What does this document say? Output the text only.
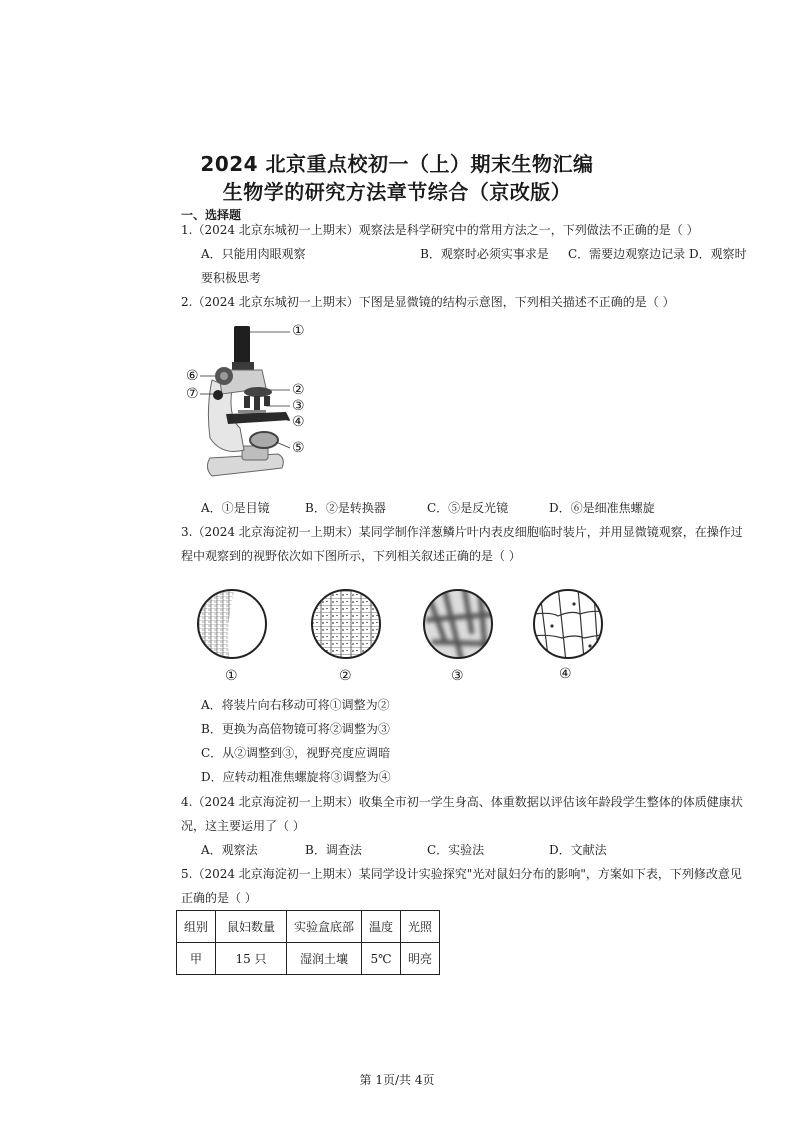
2024 北京重点校初一（上）期末生物汇编
生物学的研究方法章节综合（京改版）
一、选择题
1.（2024 北京东城初一上期末）观察法是科学研究中的常用方法之一，下列做法不正确的是（ ）
A．只能用肉眼观察                              B．观察时必须实事求是     C．需要边观察边记录 D．观察时
要积极思考
2.（2024 北京东城初一上期末）下图是显微镜的结构示意图，下列相关描述不正确的是（ ）
①
②
③
④
⑤
⑥
⑦
A．①是目镜	B．②是转换器	C．⑤是反光镜	D．⑥是细准焦螺旋
3.（2024 北京海淀初一上期末）某同学制作洋葱鳞片叶内表皮细胞临时装片，并用显微镜观察，在操作过
程中观察到的视野依次如下图所示，下列相关叙述正确的是（ ）
①	②	③	④
A．将装片向右移动可将①调整为②
B．更换为高倍物镜可将②调整为③
C．从②调整到③，视野亮度应调暗
D．应转动粗准焦螺旋将③调整为④
4.（2024 北京海淀初一上期末）收集全市初一学生身高、体重数据以评估该年龄段学生整体的体质健康状
况，这主要运用了（ ）
A．观察法	B．调查法	C．实验法	D．文献法
5.（2024 北京海淀初一上期末）某同学设计实验探究"光对鼠妇分布的影响"，方案如下表，下列修改意见
正确的是（ ）
组别	鼠妇数量	实验盒底部	温度	光照
甲	15 只	湿润土壤	5℃	明亮
第 1页/共 4页
